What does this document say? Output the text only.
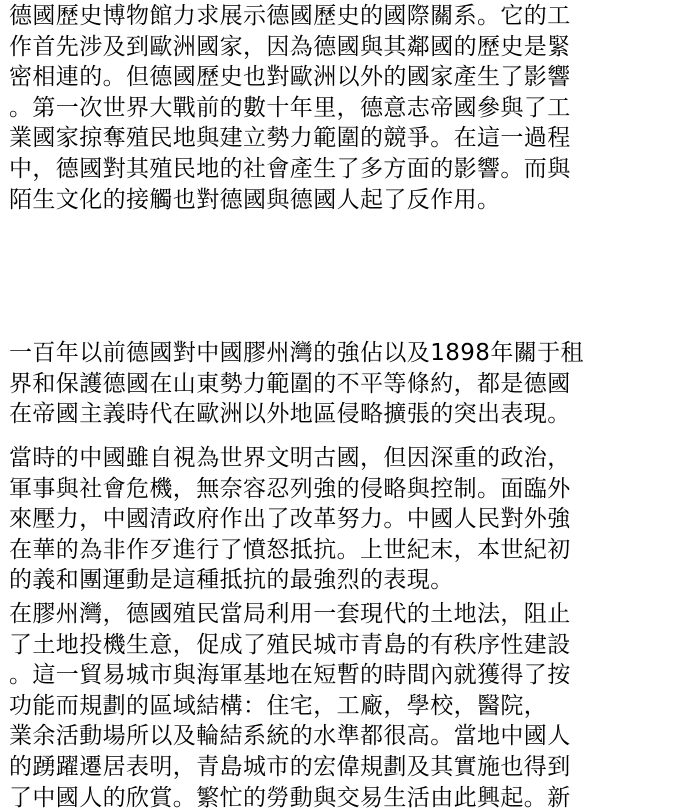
德國歷史博物館力求展示德國歷史的國際關系。它的工
作首先涉及到歐洲國家，因為德國與其鄰國的歷史是緊
密相連的。但德國歷史也對歐洲以外的國家產生了影響
。第一次世界大戰前的數十年里，德意志帝國參與了工
業國家掠奪殖民地與建立勢力範圍的競爭。在這一過程
中，德國對其殖民地的社會產生了多方面的影響。而與
陌生文化的接觸也對德國與德國人起了反作用。
一百年以前德國對中國膠州灣的強佔以及1898年關于租
界和保護德國在山東勢力範圍的不平等條約，都是德國
在帝國主義時代在歐洲以外地區侵略擴張的突出表現。
當時的中國雖自視為世界文明古國，但因深重的政治，
軍事與社會危機，無奈容忍列強的侵略與控制。面臨外
來壓力，中國清政府作出了改革努力。中國人民對外強
在華的為非作歹進行了憤怒抵抗。上世紀末，本世紀初
的義和團運動是這種抵抗的最強烈的表現。
在膠州灣，德國殖民當局利用一套現代的土地法，阻止
了土地投機生意，促成了殖民城市青島的有秩序性建設
。這一貿易城市與海軍基地在短暫的時間內就獲得了按
功能而規劃的區域結構：住宅，工廠，學校，醫院，
業余活動場所以及輪結系統的水準都很高。當地中國人
的踴躍遷居表明，青島城市的宏偉規劃及其實施也得到
了中國人的欣賞。繁忙的勞動與交易生活由此興起。新
